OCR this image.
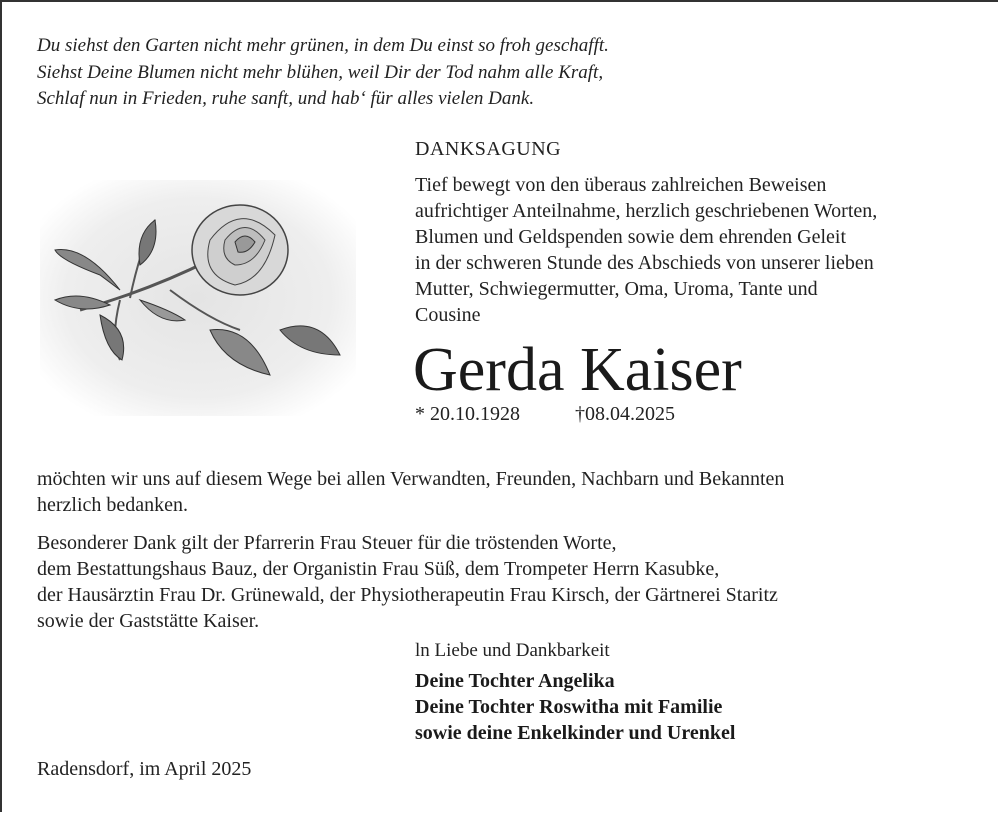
Du siehst den Garten nicht mehr grünen, in dem Du einst so froh geschafft.
Siehst Deine Blumen nicht mehr blühen, weil Dir der Tod nahm alle Kraft,
Schlaf nun in Frieden, ruhe sanft, und hab‘ für alles vielen Dank.
DANKSAGUNG
Tief bewegt von den überaus zahlreichen Beweisen
aufrichtiger Anteilnahme, herzlich geschriebenen Worten,
Blumen und Geldspenden sowie dem ehrenden Geleit
in der schweren Stunde des Abschieds von unserer lieben
Mutter, Schwiegermutter, Oma, Uroma, Tante und
Cousine
Gerda Kaiser
* 20.10.1928	†08.04.2025
möchten wir uns auf diesem Wege bei allen Verwandten, Freunden, Nachbarn und Bekannten
herzlich bedanken.
Besonderer Dank gilt der Pfarrerin Frau Steuer für die tröstenden Worte,
dem Bestattungshaus Bauz, der Organistin Frau Süß, dem Trompeter Herrn Kasubke,
der Hausärztin Frau Dr. Grünewald, der Physiotherapeutin Frau Kirsch, der Gärtnerei Staritz
sowie der Gaststätte Kaiser.
ln Liebe und Dankbarkeit
Deine Tochter Angelika
Deine Tochter Roswitha mit Familie
sowie deine Enkelkinder und Urenkel
Radensdorf, im April 2025
